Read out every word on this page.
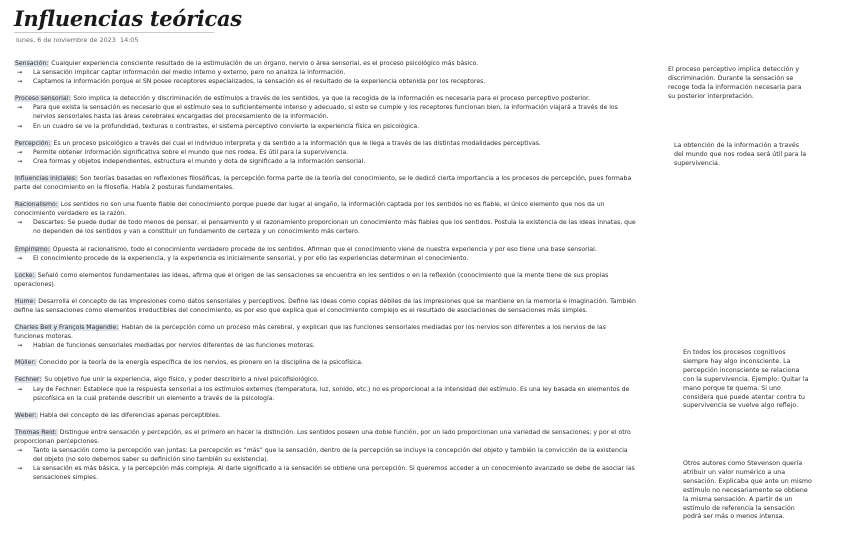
Influencias teóricas
lunes, 6 de noviembre de 2023 14:05

Sensación: Cualquier experiencia consciente resultado de la estimulación de un órgano, nervio o área sensorial, es el proceso psicológico más básico.

→ La sensación implicar captar información del medio interno y externo, pero no analiza la información.

→ Captamos la información porque el SN posee receptores especializados, la sensación es el resultado de la experiencia obtenida por los receptores.

Proceso sensorial: Solo implica la detección y discriminación de estímulos a través de los sentidos, ya que la recogida de la información es necesaria para el proceso perceptivo posterior.

→ Para que exista la sensación es necesario que el estímulo sea lo suficientemente intenso y adecuado, si esto se cumple y los receptores funcionan bien, la información viajará a través de los nervios sensoriales hasta las áreas cerebrales encargadas del procesamiento de la información.

→ En un cuadro se ve la profundidad, texturas o contrastes, el sistema perceptivo convierte la experiencia física en psicológica.

Percepción: Es un proceso psicológico a través del cual el individuo interpreta y da sentido a la información que le llega a través de las distintas modalidades perceptivas.

→ Permite obtener información significativa sobre el mundo que nos rodea. Es útil para la supervivencia.

→ Crea formas y objetos independientes, estructura el mundo y dota de significado a la información sensorial.

Influencias iniciales: Son teorías basadas en reflexiones filosóficas, la percepción forma parte de la teoría del conocimiento, se le dedicó cierta importancia a los procesos de percepción, pues formaba parte del conocimiento en la filosofía. Había 2 posturas fundamentales.

Racionalismo: Los sentidos no son una fuente fiable del conocimiento porque puede dar lugar al engaño, la información captada por los sentidos no es fiable, el único elemento que nos da un conocimiento verdadero es la razón.

→ Descartes: Se puede dudar de todo menos de pensar, el pensamiento y el razonamiento proporcionan un conocimiento más fiables que los sentidos. Postula la existencia de las ideas innatas, que no dependen de los sentidos y van a constituir un fundamento de certeza y un conocimiento más certero.

Empirismo: Opuesta al racionalismo, todo el conocimiento verdadero procede de los sentidos. Afirman que el conocimiento viene de nuestra experiencia y por eso tiene una base sensorial.

→ El conocimiento procede de la experiencia, y la experiencia es inicialmente sensorial, y por ello las experiencias determinan el conocimiento.

Locke: Señaló como elementos fundamentales las ideas, afirma que el origen de las sensaciones se encuentra en los sentidos o en la reflexión (conocimiento que la mente tiene de sus propias operaciones).

Hume: Desarrolla el concepto de las impresiones como datos sensoriales y perceptivos. Define las ideas como copias débiles de las impresiones que se mantiene en la memoria e imaginación. También define las sensaciones como elementos irreductibles del conocimiento, es por eso que explica que el conocimiento complejo es el resultado de asociaciones de sensaciones más simples.

Charles Bell y François Magendie: Hablan de la percepción como un proceso más cerebral, y explican que las funciones sensoriales mediadas por los nervios son diferentes a los nervios de las funciones motoras.

→ Hablan de funciones sensoriales mediadas por nervios diferentes de las funciones motoras.

Müller: Conocido por la teoría de la energía específica de los nervios, es pionero en la disciplina de la psicofísica.

Fechner: Su objetivo fue unir la experiencia, algo físico, y poder describirlo a nivel psicofisiológico.

→ Ley de Fechner: Establece que la respuesta sensorial a los estímulos externos (temperatura, luz, sonido, etc.) no es proporcional a la intensidad del estímulo. Es una ley basada en elementos de psicofísica en la cual pretende describir un elemento a través de la psicología.

Weber: Habla del concepto de las diferencias apenas perceptibles.

Thomas Reid: Distingue entre sensación y percepción, es el primero en hacer la distinción. Los sentidos poseen una doble función, por un lado proporcionan una variedad de sensaciones; y por el otro proporcionan percepciones.

→ Tanto la sensación como la percepción van juntas: La percepción es “más” que la sensación, dentro de la percepción se incluye la concepción del objeto y también la convicción de la existencia del objeto (no solo debemos saber su definición sino también su existencia).

→ La sensación es más básica, y la percepción más compleja. Al darle significado a la sensación se obtiene una percepción. Si queremos acceder a un conocimiento avanzado se debe de asociar las sensaciones simples.

El proceso perceptivo implica detección y discriminación. Durante la sensación se recoge toda la información necesaria para su posterior interpretación.
La obtención de la información a través del mundo que nos rodea será útil para la supervivencia.
En todos los procesos cognitivos siempre hay algo inconsciente. La percepción inconsciente se relaciona con la supervivencia. Ejemplo: Quitar la mano porque te quema. Si uno considera que puede atentar contra tu supervivencia se vuelve algo reflejo.
Otros autores como Stevenson quería atribuir un valor numérico a una sensación. Explicaba que ante un mismo estímulo no necesariamente se obtiene la misma sensación. A partir de un estímulo de referencia la sensación podrá ser más o menos intensa.
